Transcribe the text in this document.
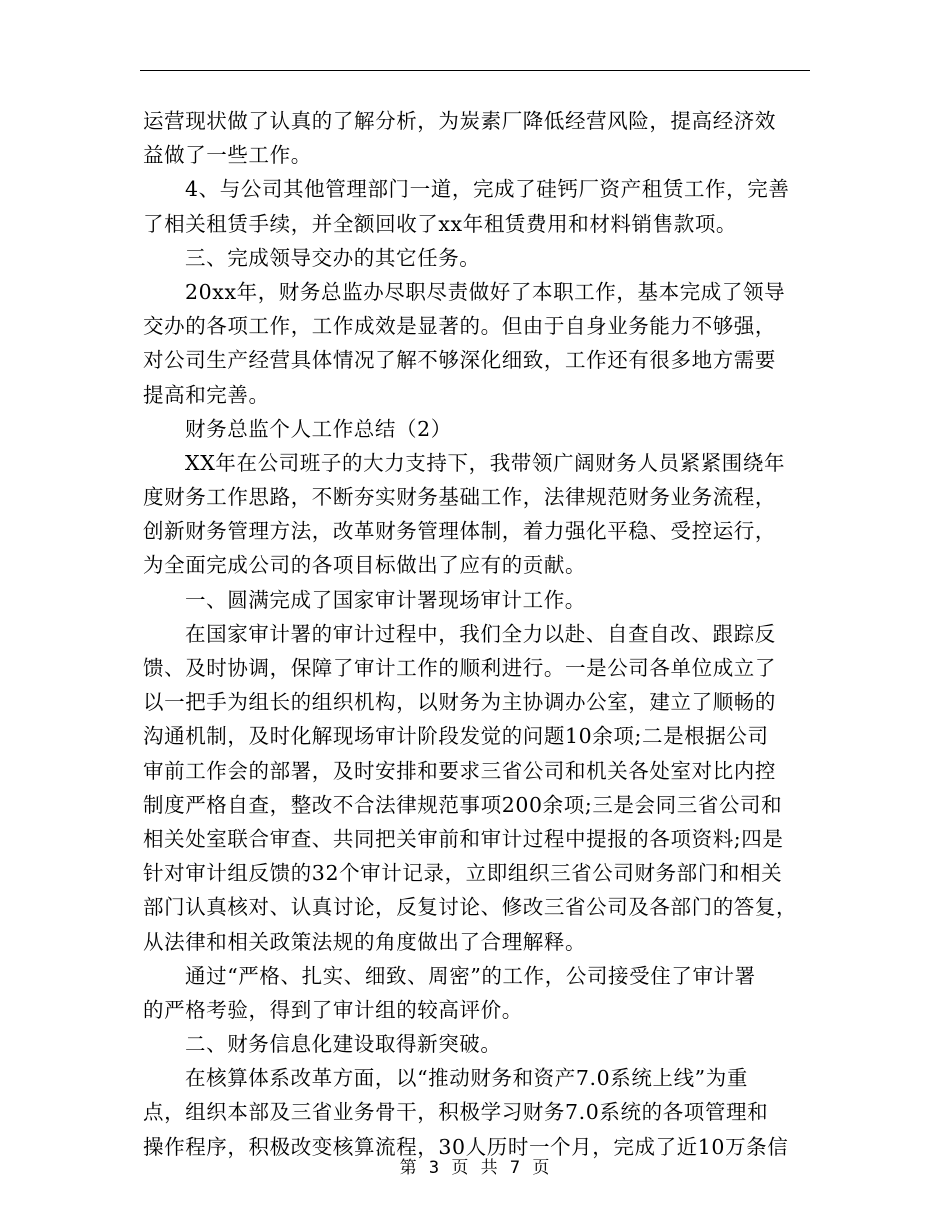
运营现状做了认真的了解分析，为炭素厂降低经营风险，提高经济效
益做了一些工作。
4、与公司其他管理部门一道，完成了硅钙厂资产租赁工作，完善
了相关租赁手续，并全额回收了xx年租赁费用和材料销售款项。
三、完成领导交办的其它任务。
20xx年，财务总监办尽职尽责做好了本职工作，基本完成了领导
交办的各项工作，工作成效是显著的。但由于自身业务能力不够强，
对公司生产经营具体情况了解不够深化细致，工作还有很多地方需要
提高和完善。
财务总监个人工作总结（2）
XX年在公司班子的大力支持下，我带领广阔财务人员紧紧围绕年
度财务工作思路，不断夯实财务基础工作，法律规范财务业务流程，
创新财务管理方法，改革财务管理体制，着力强化平稳、受控运行，
为全面完成公司的各项目标做出了应有的贡献。
一、圆满完成了国家审计署现场审计工作。
在国家审计署的审计过程中，我们全力以赴、自查自改、跟踪反
馈、及时协调，保障了审计工作的顺利进行。一是公司各单位成立了
以一把手为组长的组织机构，以财务为主协调办公室，建立了顺畅的
沟通机制，及时化解现场审计阶段发觉的问题10余项;二是根据公司
审前工作会的部署，及时安排和要求三省公司和机关各处室对比内控
制度严格自查，整改不合法律规范事项200余项;三是会同三省公司和
相关处室联合审查、共同把关审前和审计过程中提报的各项资料;四是
针对审计组反馈的32个审计记录，立即组织三省公司财务部门和相关
部门认真核对、认真讨论，反复讨论、修改三省公司及各部门的答复，
从法律和相关政策法规的角度做出了合理解释。
通过“严格、扎实、细致、周密”的工作，公司接受住了审计署
的严格考验，得到了审计组的较高评价。
二、财务信息化建设取得新突破。
在核算体系改革方面，以“推动财务和资产7.0系统上线”为重
点，组织本部及三省业务骨干，积极学习财务7.0系统的各项管理和
操作程序，积极改变核算流程，30人历时一个月，完成了近10万条信
第 3 页 共 7 页
